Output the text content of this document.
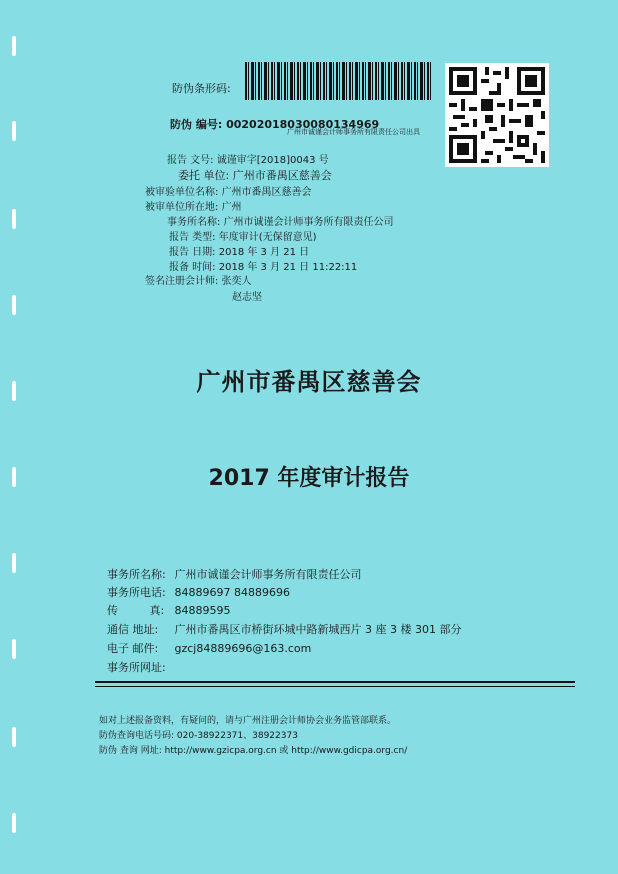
防伪条形码:
防伪 编号: 00202018030080134969
广州市诚谨会计师事务所有限责任公司出具
报告 文号: 诚谨审字[2018]0043 号
委托 单位: 广州市番禺区慈善会
被审验单位名称: 广州市番禺区慈善会
被审单位所在地: 广州
事务所名称: 广州市诚谨会计师事务所有限责任公司
报告 类型: 年度审计(无保留意见)
报告 日期: 2018 年 3 月 21 日
报备 时间: 2018 年 3 月 21 日 11:22:11
签名注册会计师: 张奕人
赵志坚
广州市番禺区慈善会
2017 年度审计报告
事务所名称: 广州市诚谨会计师事务所有限责任公司
事务所电话: 84889697 84889696
传 真: 84889595
通信 地址: 广州市番禺区市桥街环城中路新城西片 3 座 3 楼 301 部分
电子 邮件: gzcj84889696@163.com
事务所网址:
如对上述报备资料，有疑问的，请与广州注册会计师协会业务监管部联系。
防伪查询电话号码: 020-38922371、38922373
防伪 查询 网址: http://www.gzicpa.org.cn 或 http://www.gdicpa.org.cn/
